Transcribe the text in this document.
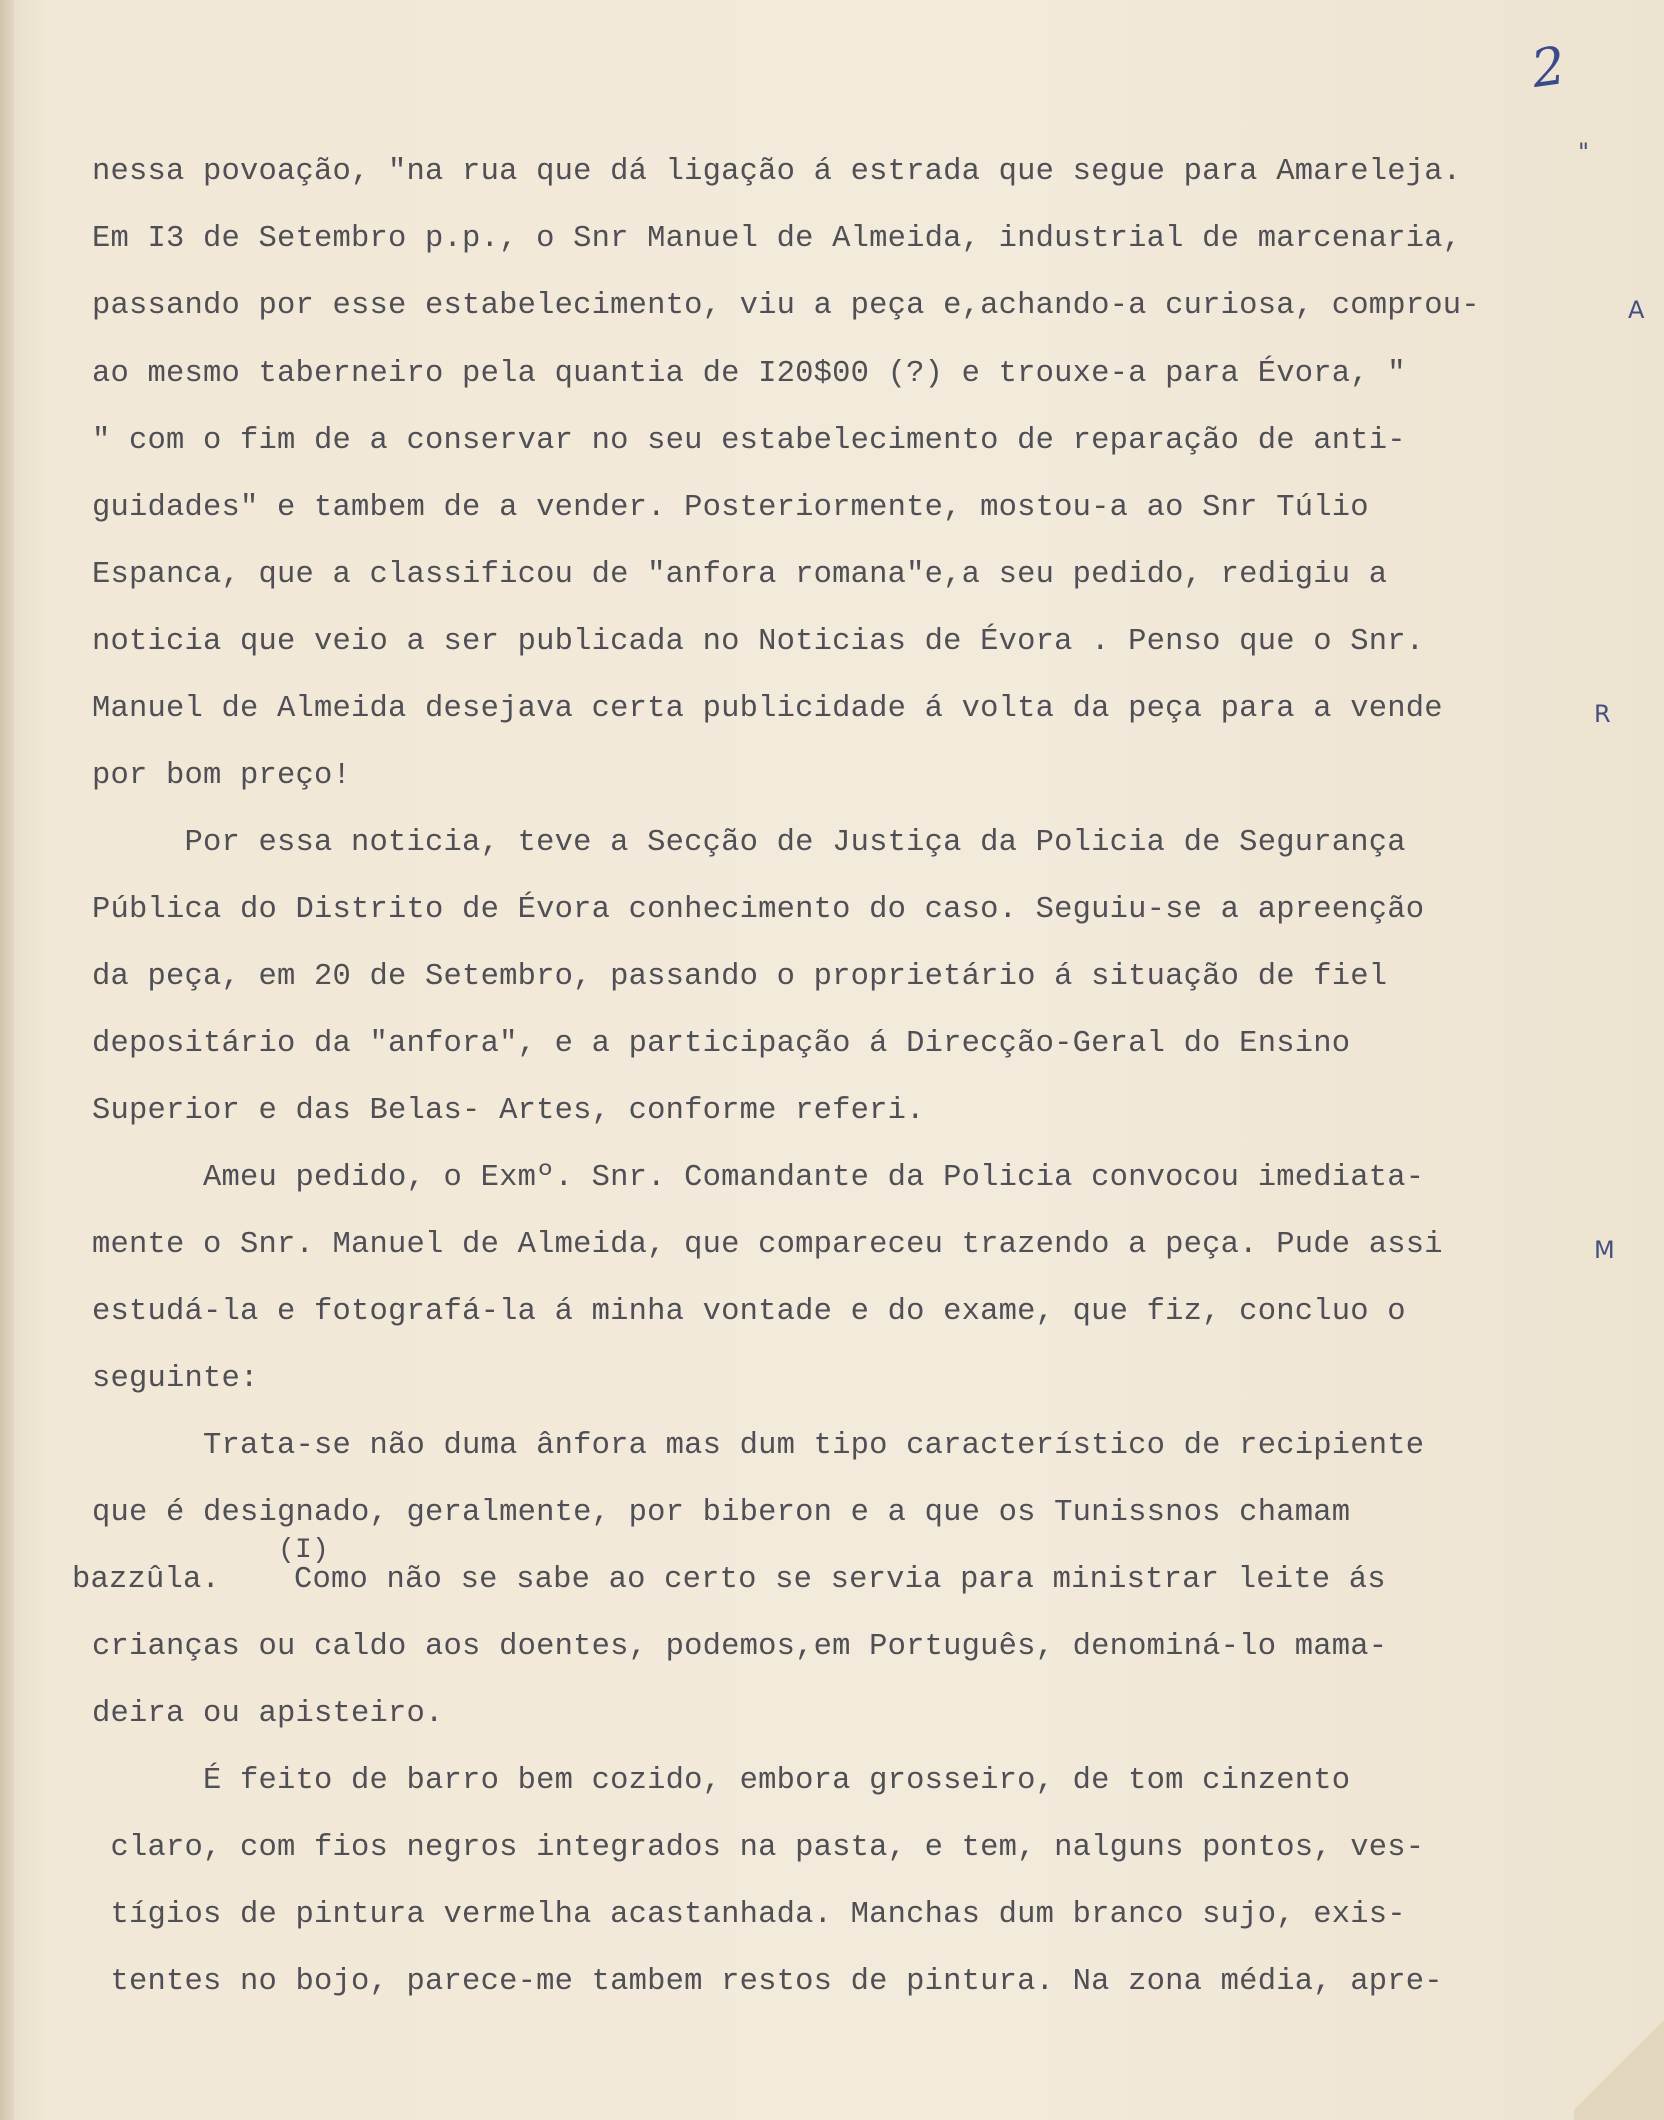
2
nessa povoação, "na rua que dá ligação á estrada que segue para Amareleja.
Em I3 de Setembro p.p., o Snr Manuel de Almeida, industrial de marcenaria,
passando por esse estabelecimento, viu a peça e,achando-a curiosa, comprou-
ao mesmo taberneiro pela quantia de I20$00 (?) e trouxe-a para Évora, "
" com o fim de a conservar no seu estabelecimento de reparação de anti-
guidades" e tambem de a vender. Posteriormente, mostou-a ao Snr Túlio
Espanca, que a classificou de "anfora romana"e,a seu pedido, redigiu a
noticia que veio a ser publicada no Noticias de Évora . Penso que o Snr.
Manuel de Almeida desejava certa publicidade á volta da peça para a vende
por bom preço!
Por essa noticia, teve a Secção de Justiça da Policia de Segurança
Pública do Distrito de Évora conhecimento do caso. Seguiu-se a apreenção
da peça, em 20 de Setembro, passando o proprietário á situação de fiel
depositário da "anfora", e a participação á Direcção-Geral do Ensino
Superior e das Belas- Artes, conforme referi.
Ameu pedido, o Exmº. Snr. Comandante da Policia convocou imediata-
mente o Snr. Manuel de Almeida, que compareceu trazendo a peça. Pude assi
estudá-la e fotografá-la á minha vontade e do exame, que fiz, concluo o
seguinte:
Trata-se não duma ânfora mas dum tipo característico de recipiente
que é designado, geralmente, por biberon e a que os Tunissnos chamam
(I)
bazzûla.    Como não se sabe ao certo se servia para ministrar leite ás
crianças ou caldo aos doentes, podemos,em Português, denominá-lo mama-
deira ou apisteiro.
É feito de barro bem cozido, embora grosseiro, de tom cinzento
claro, com fios negros integrados na pasta, e tem, nalguns pontos, ves-
tígios de pintura vermelha acastanhada. Manchas dum branco sujo, exis-
tentes no bojo, parece-me tambem restos de pintura. Na zona média, apre-
"
A
R
M
